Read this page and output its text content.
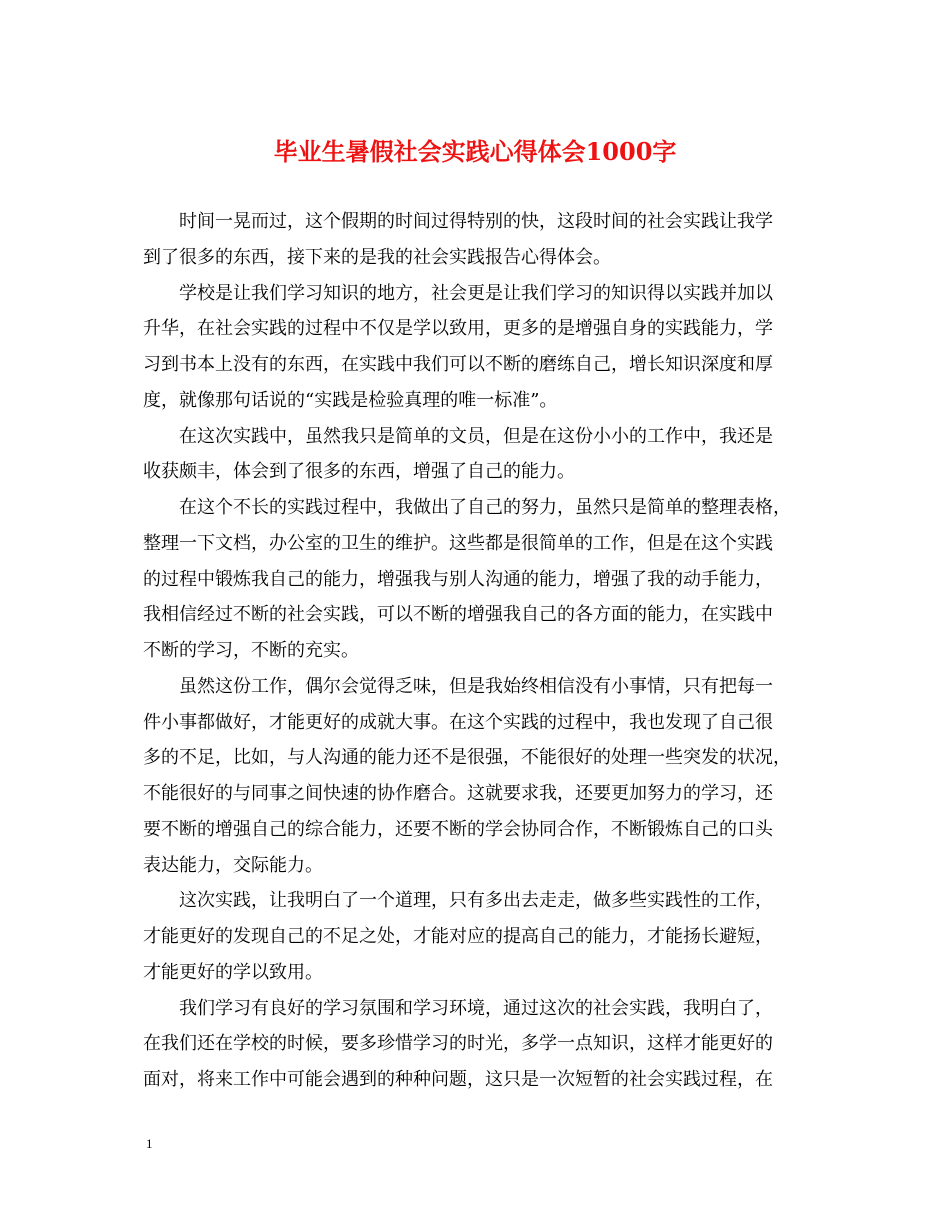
毕业生暑假社会实践心得体会1000字
时间一晃而过，这个假期的时间过得特别的快，这段时间的社会实践让我学
到了很多的东西，接下来的是我的社会实践报告心得体会。
学校是让我们学习知识的地方，社会更是让我们学习的知识得以实践并加以
升华，在社会实践的过程中不仅是学以致用，更多的是增强自身的实践能力，学
习到书本上没有的东西，在实践中我们可以不断的磨练自己，增长知识深度和厚
度，就像那句话说的“实践是检验真理的唯一标准”。
在这次实践中，虽然我只是简单的文员，但是在这份小小的工作中，我还是
收获颇丰，体会到了很多的东西，增强了自己的能力。
在这个不长的实践过程中，我做出了自己的努力，虽然只是简单的整理表格，
整理一下文档，办公室的卫生的维护。这些都是很简单的工作，但是在这个实践
的过程中锻炼我自己的能力，增强我与别人沟通的能力，增强了我的动手能力，
我相信经过不断的社会实践，可以不断的增强我自己的各方面的能力，在实践中
不断的学习，不断的充实。
虽然这份工作，偶尔会觉得乏味，但是我始终相信没有小事情，只有把每一
件小事都做好，才能更好的成就大事。在这个实践的过程中，我也发现了自己很
多的不足，比如，与人沟通的能力还不是很强，不能很好的处理一些突发的状况，
不能很好的与同事之间快速的协作磨合。这就要求我，还要更加努力的学习，还
要不断的增强自己的综合能力，还要不断的学会协同合作，不断锻炼自己的口头
表达能力，交际能力。
这次实践，让我明白了一个道理，只有多出去走走，做多些实践性的工作，
才能更好的发现自己的不足之处，才能对应的提高自己的能力，才能扬长避短，
才能更好的学以致用。
我们学习有良好的学习氛围和学习环境，通过这次的社会实践，我明白了，
在我们还在学校的时候，要多珍惜学习的时光，多学一点知识，这样才能更好的
面对，将来工作中可能会遇到的种种问题，这只是一次短暂的社会实践过程，在
1
